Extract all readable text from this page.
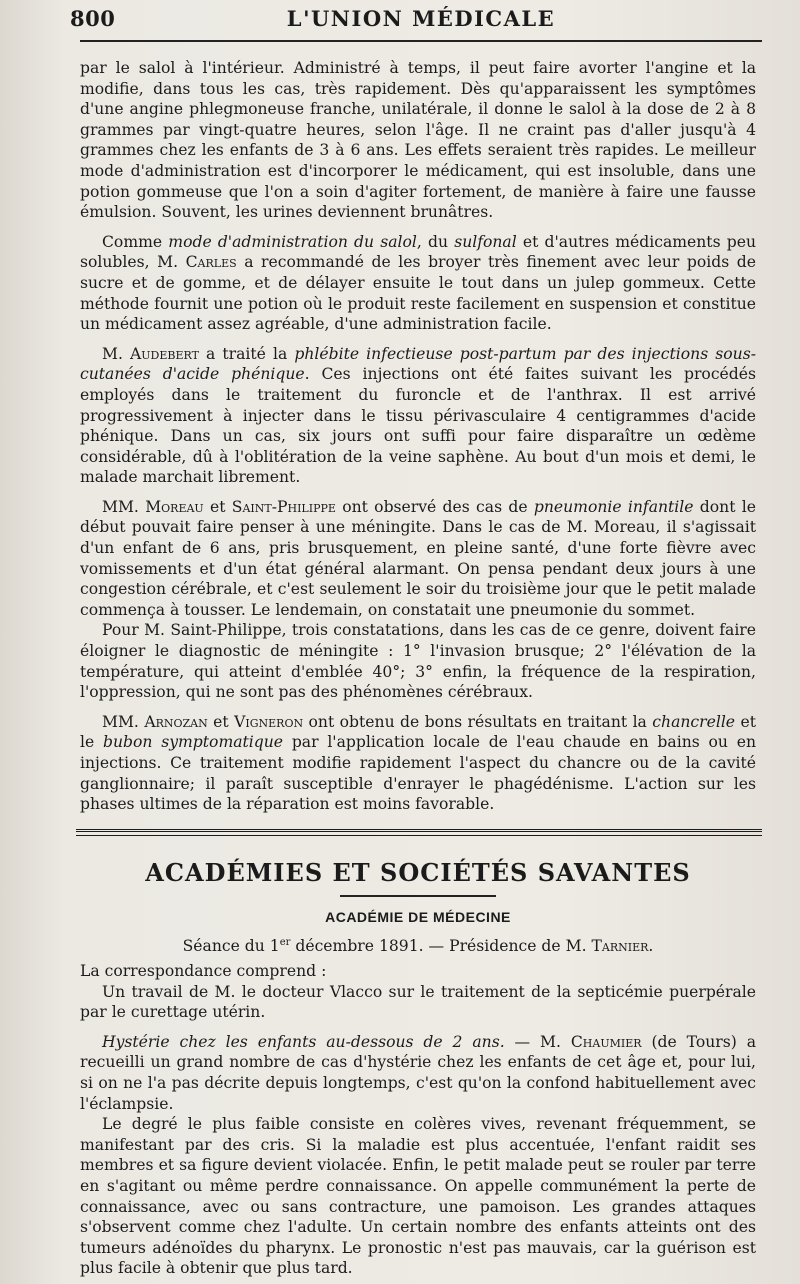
800	L'UNION MÉDICALE

par le salol à l'intérieur. Administré à temps, il peut faire avorter l'angine et la modifie, dans tous les cas, très rapidement. Dès qu'apparaissent les symptômes d'une angine phlegmoneuse franche, unilatérale, il donne le salol à la dose de 2 à 8 grammes par vingt-quatre heures, selon l'âge. Il ne craint pas d'aller jusqu'à 4 grammes chez les enfants de 3 à 6 ans. Les effets seraient très rapides. Le meilleur mode d'administration est d'incorporer le médicament, qui est insoluble, dans une potion gommeuse que l'on a soin d'agiter fortement, de manière à faire une fausse émulsion. Souvent, les urines deviennent brunâtres.

Comme mode d'administration du salol, du sulfonal et d'autres médicaments peu solubles, M. Carles a recommandé de les broyer très finement avec leur poids de sucre et de gomme, et de délayer ensuite le tout dans un julep gommeux. Cette méthode fournit une potion où le produit reste facilement en suspension et constitue un médicament assez agréable, d'une administration facile.

M. Audebert a traité la phlébite infectieuse post-partum par des injections sous-cutanées d'acide phénique. Ces injections ont été faites suivant les procédés employés dans le traitement du furoncle et de l'anthrax. Il est arrivé progressivement à injecter dans le tissu périvasculaire 4 centigrammes d'acide phénique. Dans un cas, six jours ont suffi pour faire disparaître un œdème considérable, dû à l'oblitération de la veine saphène. Au bout d'un mois et demi, le malade marchait librement.

MM. Moreau et Saint-Philippe ont observé des cas de pneumonie infantile dont le début pouvait faire penser à une méningite. Dans le cas de M. Moreau, il s'agissait d'un enfant de 6 ans, pris brusquement, en pleine santé, d'une forte fièvre avec vomissements et d'un état général alarmant. On pensa pendant deux jours à une congestion cérébrale, et c'est seulement le soir du troisième jour que le petit malade commença à tousser. Le lendemain, on constatait une pneumonie du sommet.

Pour M. Saint-Philippe, trois constatations, dans les cas de ce genre, doivent faire éloigner le diagnostic de méningite : 1° l'invasion brusque; 2° l'élévation de la température, qui atteint d'emblée 40°; 3° enfin, la fréquence de la respiration, l'oppression, qui ne sont pas des phénomènes cérébraux.

MM. Arnozan et Vigneron ont obtenu de bons résultats en traitant la chancrelle et le bubon symptomatique par l'application locale de l'eau chaude en bains ou en injections. Ce traitement modifie rapidement l'aspect du chancre ou de la cavité ganglionnaire; il paraît susceptible d'enrayer le phagédénisme. L'action sur les phases ultimes de la réparation est moins favorable.

ACADÉMIES ET SOCIÉTÉS SAVANTES
ACADÉMIE DE MÉDECINE
Séance du 1er décembre 1891. — Présidence de M. Tarnier.

La correspondance comprend :

Un travail de M. le docteur Vlacco sur le traitement de la septicémie puerpérale par le curettage utérin.

Hystérie chez les enfants au-dessous de 2 ans. — M. Chaumier (de Tours) a recueilli un grand nombre de cas d'hystérie chez les enfants de cet âge et, pour lui, si on ne l'a pas décrite depuis longtemps, c'est qu'on la confond habituellement avec l'éclampsie.

Le degré le plus faible consiste en colères vives, revenant fréquemment, se manifestant par des cris. Si la maladie est plus accentuée, l'enfant raidit ses membres et sa figure devient violacée. Enfin, le petit malade peut se rouler par terre en s'agitant ou même perdre connaissance. On appelle communément la perte de connaissance, avec ou sans contracture, une pamoison. Les grandes attaques s'observent comme chez l'adulte. Un certain nombre des enfants atteints ont des tumeurs adénoïdes du pharynx. Le pronostic n'est pas mauvais, car la guérison est plus facile à obtenir que plus tard.
